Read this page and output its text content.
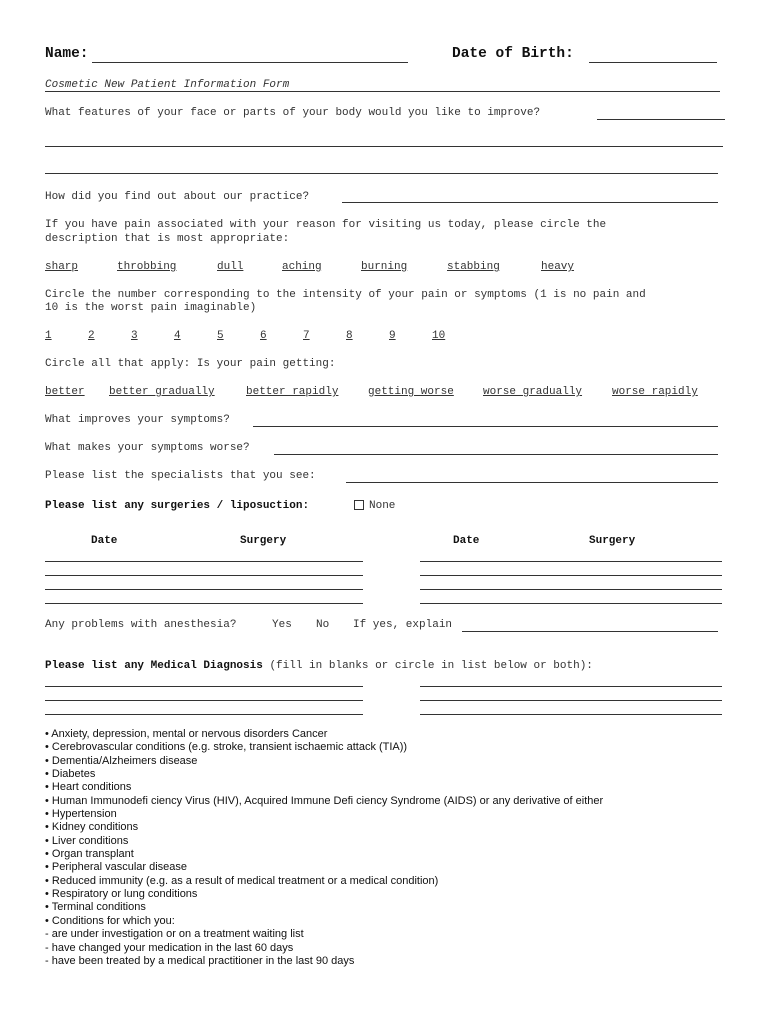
Name:	Date of Birth:
Cosmetic New Patient Information Form
What features of your face or parts of your body would you like to improve?
How did you find out about our practice?
If you have pain associated with your reason for visiting us today, please circle the
description that is most appropriate:
sharp	throbbing	dull	aching	burning	stabbing	heavy
Circle the number corresponding to the intensity of your pain or symptoms (1 is no pain and
10 is the worst pain imaginable)
1	2	3	4	5	6	7	8	9	10
Circle all that apply: Is your pain getting:
better better gradually	better rapidly	getting worse	worse gradually	worse rapidly
What improves your symptoms?
What makes your symptoms worse?
Please list the specialists that you see:
Please list any surgeries / liposuction:	None
Date	Surgery	Date	Surgery
Any problems with anesthesia?	Yes No If yes, explain
Please list any Medical Diagnosis (fill in blanks or circle in list below or both):
• Anxiety, depression, mental or nervous disorders Cancer
• Cerebrovascular conditions (e.g. stroke, transient ischaemic attack (TIA))
• Dementia/Alzheimers disease
• Diabetes
• Heart conditions
• Human Immunodefi ciency Virus (HIV), Acquired Immune Defi ciency Syndrome (AIDS) or any derivative of either
• Hypertension
• Kidney conditions
• Liver conditions
• Organ transplant
• Peripheral vascular disease
• Reduced immunity (e.g. as a result of medical treatment or a medical condition)
• Respiratory or lung conditions
• Terminal conditions
• Conditions for which you:
- are under investigation or on a treatment waiting list
- have changed your medication in the last 60 days
- have been treated by a medical practitioner in the last 90 days
